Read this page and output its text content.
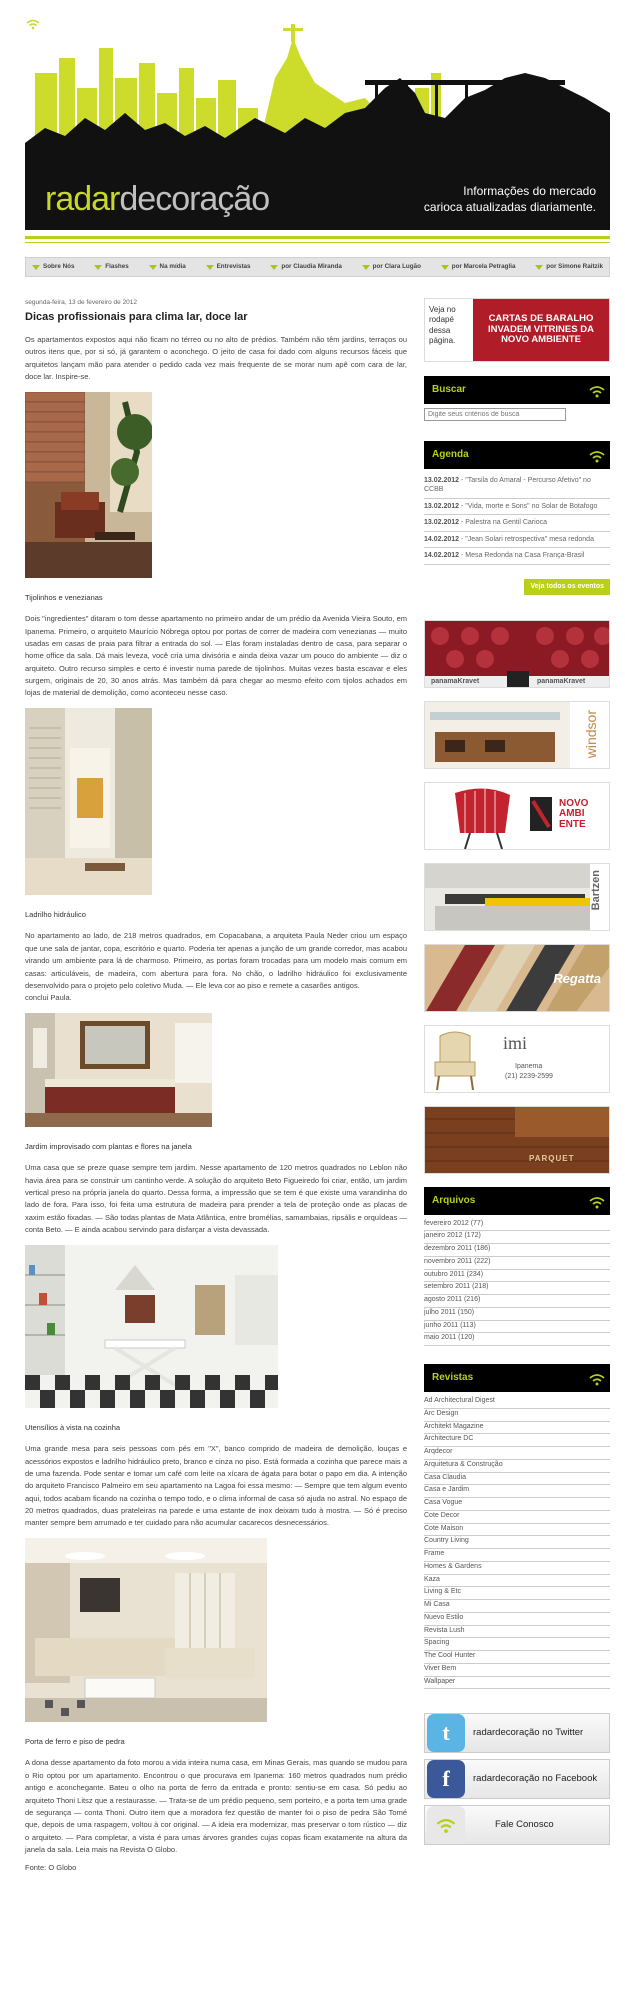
radardecoração	Informações do mercado
carioca atualizadas diariamente.
Sobre Nós	Flashes	Na mídia	Entrevistas	por Claudia Miranda	por Clara Lugão	por Marcela Petraglia	por Simone Raitzik
segunda-feira, 13 de fevereiro de 2012
Dicas profissionais para clima lar, doce lar

Os apartamentos expostos aqui não ficam no térreo ou no alto de prédios. Também não têm jardins, terraços ou outros itens que, por si só, já garantem o aconchego. O jeito de casa foi dado com alguns recursos fáceis que arquitetos lançam mão para atender o pedido cada vez mais frequente de se morar num apê com cara de lar, doce lar. Inspire-se.

Tijolinhos e venezianas

Dois "ingredientes" ditaram o tom desse apartamento no primeiro andar de um prédio da Avenida Vieira Souto, em Ipanema. Primeiro, o arquiteto Maurício Nóbrega optou por portas de correr de madeira com venezianas — muito usadas em casas de praia para filtrar a entrada do sol. — Elas foram instaladas dentro de casa, para separar o home office da sala. Dá mais leveza, você cria uma divisória e ainda deixa vazar um pouco do ambiente — diz o arquiteto. Outro recurso simples e certo é investir numa parede de tijolinhos. Muitas vezes basta escavar e eles surgem, originais de 20, 30 anos atrás. Mas também dá para chegar ao mesmo efeito com tijolos achados em lojas de material de demolição, como aconteceu nesse caso.

Ladrilho hidráulico

No apartamento ao lado, de 218 metros quadrados, em Copacabana, a arquiteta Paula Neder criou um espaço que une sala de jantar, copa, escritório e quarto. Poderia ter apenas a junção de um grande corredor, mas acabou virando um ambiente para lá de charmoso. Primeiro, as portas foram trocadas para um modelo mais comum em casas: articuláveis, de madeira, com abertura para fora. No chão, o ladrilho hidráulico foi exclusivamente desenvolvido para o projeto pelo coletivo Muda. — Ele leva cor ao piso e remete a casarões antigos.

conclui Paula.

Jardim improvisado com plantas e flores na janela

Uma casa que se preze quase sempre tem jardim. Nesse apartamento de 120 metros quadrados no Leblon não havia área para se construir um cantinho verde. A solução do arquiteto Beto Figueiredo foi criar, então, um jardim vertical preso na própria janela do quarto. Dessa forma, a impressão que se tem é que existe uma varandinha do lado de fora. Para isso, foi feita uma estrutura de madeira para prender a tela de proteção onde as placas de xaxim estão fixadas. — São todas plantas de Mata Atlântica, entre bromélias, samambaias, ripsális e orquídeas — conta Beto. — E ainda acabou servindo para disfarçar a vista devassada.

Utensílios à vista na cozinha

Uma grande mesa para seis pessoas com pés em "X", banco comprido de madeira de demolição, louças e acessórios expostos e ladrilho hidráulico preto, branco e cinza no piso. Está formada a cozinha que parece mais a de uma fazenda. Pode sentar e tomar um café com leite na xícara de ágata para botar o papo em dia. A intenção do arquiteto Francisco Palmeiro em seu apartamento na Lagoa foi essa mesmo: — Sempre que tem algum evento aqui, todos acabam ficando na cozinha o tempo todo, e o clima informal de casa só ajuda no astral. No espaço de 20 metros quadrados, duas prateleiras na parede e uma estante de inox deixam tudo à mostra. — Só é preciso manter sempre bem arrumado e ter cuidado para não acumular cacarecos desnecessários.

Porta de ferro e piso de pedra

A dona desse apartamento da foto morou a vida inteira numa casa, em Minas Gerais, mas quando se mudou para o Rio optou por um apartamento. Encontrou o que procurava em Ipanema: 160 metros quadrados num prédio antigo e aconchegante. Bateu o olho na porta de ferro da entrada e pronto: sentiu-se em casa. Só pediu ao arquiteto Thoni Litsz que a restaurasse. — Trata-se de um prédio pequeno, sem porteiro, e a porta tem uma grade de segurança — conta Thoni. Outro item que a moradora fez questão de manter foi o piso de pedra São Tomé que, depois de uma raspagem, voltou à cor original. — A ideia era modernizar, mas preservar o tom rústico — diz o arquiteto. — Para completar, a vista é para umas árvores grandes cujas copas ficam exatamente na altura da janela da sala. Leia mais na Revista O Globo.

Fonte: O Globo
Veja no rodapé dessa página.
CARTAS DE BARALHO INVADEM VITRINES DA NOVO AMBIENTE
Buscar
Digite seus critérios de busca
Agenda
13.02.2012 - "Tarsila do Amaral - Percurso Afetivo" no CCBB
13.02.2012 - "Vida, morte e Sons" no Solar de Botafogo
13.02.2012 - Palestra na Gentil Carioca
14.02.2012 - "Jean Solari retrospectiva" mesa redonda
14.02.2012 - Mesa Redonda na Casa França-Brasil
Veja todos os eventos
panamaKravet	panamaKravet
windsor
NOVO AMBI ENTE
Bartzen
Regatta
imi
Ipanema
(21) 2239-2599
PARQUET
Arquivos
fevereiro 2012 (77)
janeiro 2012 (172)
dezembro 2011 (186)
novembro 2011 (222)
outubro 2011 (234)
setembro 2011 (218)
agosto 2011 (216)
julho 2011 (150)
junho 2011 (113)
maio 2011 (120)
Revistas
Ad Architectural Digest
Arc Design
Architekt Magazine
Architecture DC
Arqdecor
Arquitetura & Construção
Casa Claudia
Casa e Jardim
Casa Vogue
Cote Decor
Cote Maison
Country Living
Frame
Homes & Gardens
Kaza
Living & Etc
Mi Casa
Nuevo Estilo
Revista Lush
Spacing
The Cool Hunter
Viver Bem
Wallpaper
t	radardecoração no Twitter
f	radardecoração no Facebook
Fale Conosco
